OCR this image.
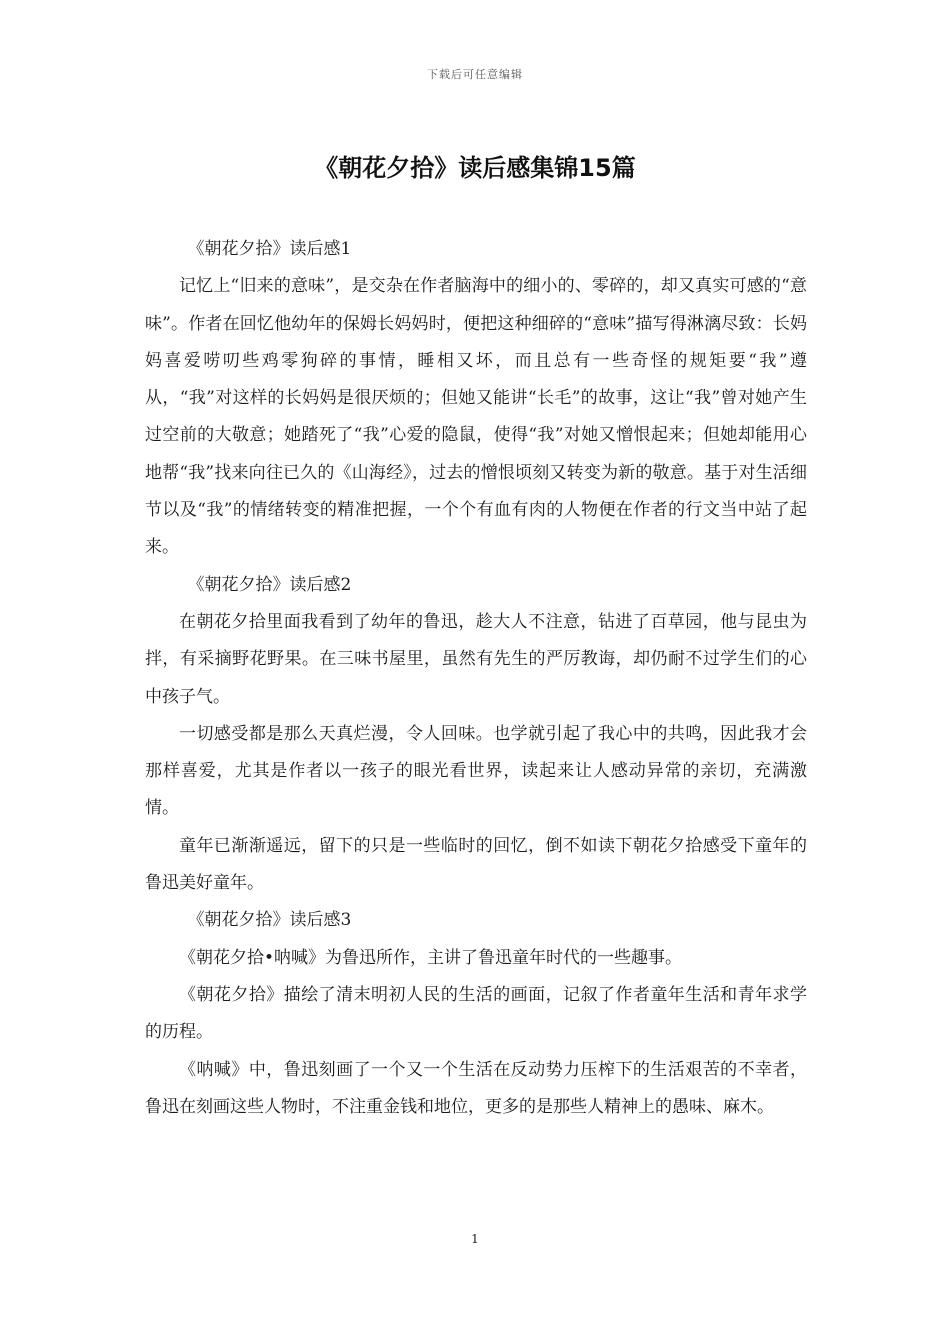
下载后可任意编辑
《朝花夕拾》读后感集锦15篇

《朝花夕拾》读后感1

记忆上“旧来的意味”，是交杂在作者脑海中的细小的、零碎的，却又真实可感的“意味”。作者在回忆他幼年的保姆长妈妈时，便把这种细碎的“意味”描写得淋漓尽致：长妈妈喜爱唠叨些鸡零狗碎的事情，睡相又坏，而且总有一些奇怪的规矩要“我”遵从，“我”对这样的长妈妈是很厌烦的；但她又能讲“长毛”的故事，这让“我”曾对她产生过空前的大敬意；她踏死了“我”心爱的隐鼠，使得“我”对她又憎恨起来；但她却能用心地帮“我”找来向往已久的《山海经》，过去的憎恨顷刻又转变为新的敬意。基于对生活细节以及“我”的情绪转变的精准把握，一个个有血有肉的人物便在作者的行文当中站了起来。

《朝花夕拾》读后感2

在朝花夕拾里面我看到了幼年的鲁迅，趁大人不注意，钻进了百草园，他与昆虫为拌，有采摘野花野果。在三味书屋里，虽然有先生的严厉教诲，却仍耐不过学生们的心中孩子气。

一切感受都是那么天真烂漫，令人回味。也学就引起了我心中的共鸣，因此我才会那样喜爱，尤其是作者以一孩子的眼光看世界，读起来让人感动异常的亲切，充满激情。

童年已渐渐遥远，留下的只是一些临时的回忆，倒不如读下朝花夕拾感受下童年的鲁迅美好童年。

《朝花夕拾》读后感3

《朝花夕拾•呐喊》为鲁迅所作，主讲了鲁迅童年时代的一些趣事。

《朝花夕拾》描绘了清末明初人民的生活的画面，记叙了作者童年生活和青年求学的历程。

《呐喊》中，鲁迅刻画了一个又一个生活在反动势力压榨下的生活艰苦的不幸者，鲁迅在刻画这些人物时，不注重金钱和地位，更多的是那些人精神上的愚味、麻木。

1
